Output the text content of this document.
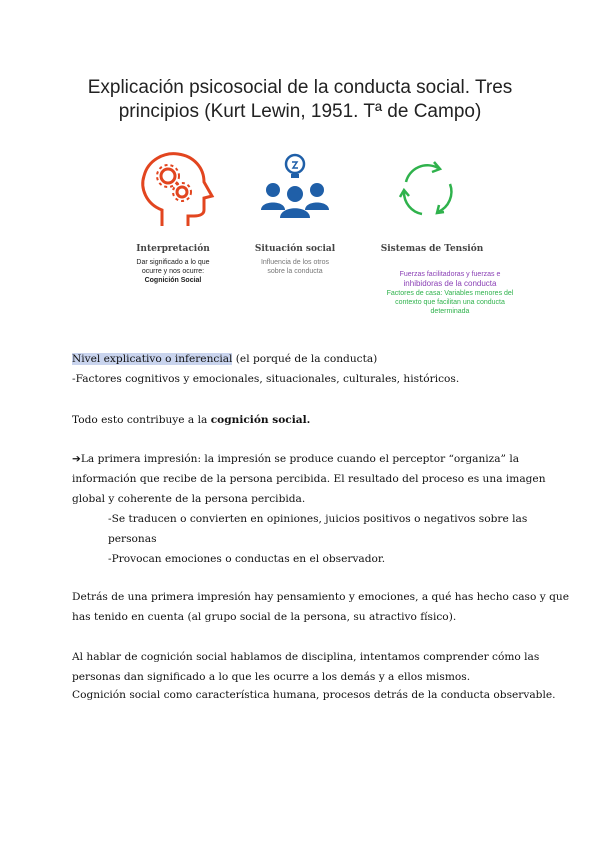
Explicación psicosocial de la conducta social. Tres
principios (Kurt Lewin, 1951. Tª de Campo)
Interpretación
Dar significado a lo que
ocurre y nos ocurre:
Cognición Social
Situación social
Influencia de los otros
sobre la conducta
Sistemas de Tensión
Fuerzas facilitadoras y fuerzas e
inhibidoras de la conducta
Factores de casa: Variables menores del
contexto que facilitan una conducta
determinada

Nivel explicativo o inferencial (el porqué de la conducta)

-Factores cognitivos y emocionales, situacionales, culturales, históricos.

Todo esto contribuye a la cognición social.

➔La primera impresión: la impresión se produce cuando el perceptor “organiza” la

información que recibe de la persona percibida. El resultado del proceso es una imagen

global y coherente de la persona percibida.

-Se traducen o convierten en opiniones, juicios positivos o negativos sobre las

personas

-Provocan emociones o conductas en el observador.

Detrás de una primera impresión hay pensamiento y emociones, a qué has hecho caso y que

has tenido en cuenta (al grupo social de la persona, su atractivo físico).

Al hablar de cognición social hablamos de disciplina, intentamos comprender cómo las

personas dan significado a lo que les ocurre a los demás y a ellos mismos.

Cognición social como característica humana, procesos detrás de la conducta observable.
